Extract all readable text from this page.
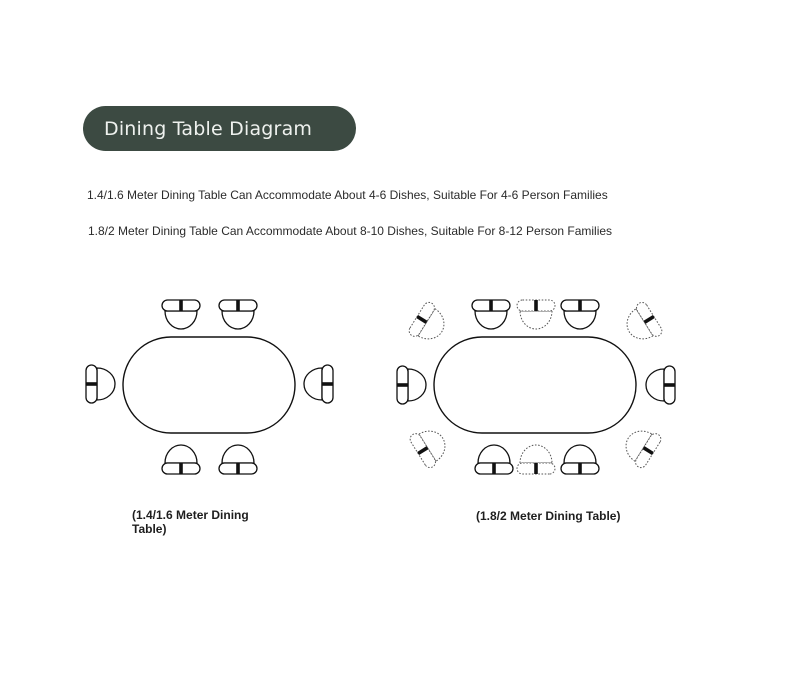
Dining Table Diagram
1.4/1.6 Meter Dining Table Can Accommodate About 4-6 Dishes, Suitable For 4-6 Person Families
1.8/2 Meter Dining Table Can Accommodate About 8-10 Dishes, Suitable For 8-12 Person Families
(1.4/1.6 Meter Dining Table)
(1.8/2 Meter Dining Table)
